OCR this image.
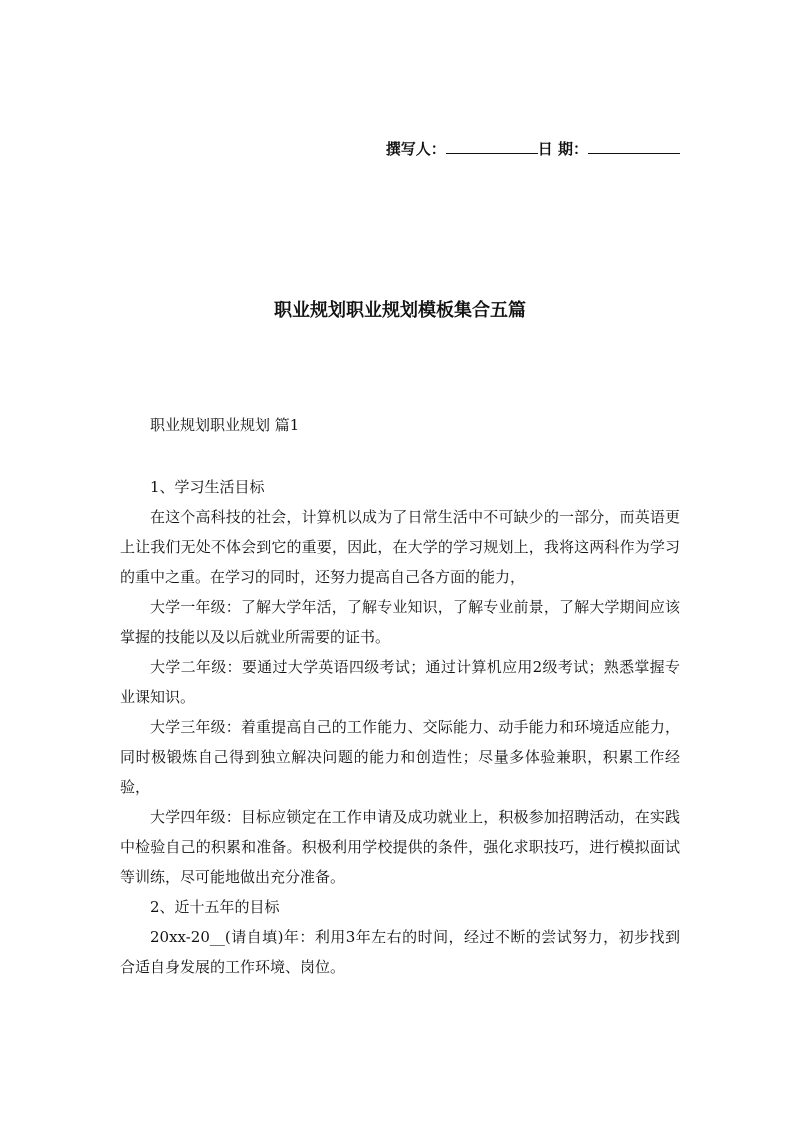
撰写人：	日 期：
职业规划职业规划模板集合五篇

职业规划职业规划 篇1

1、学习生活目标

在这个高科技的社会，计算机以成为了日常生活中不可缺少的一部分，而英语更上让我们无处不体会到它的重要，因此，在大学的学习规划上，我将这两科作为学习的重中之重。在学习的同时，还努力提高自己各方面的能力，

大学一年级：了解大学年活，了解专业知识，了解专业前景，了解大学期间应该掌握的技能以及以后就业所需要的证书。

大学二年级：要通过大学英语四级考试；通过计算机应用2级考试；熟悉掌握专业课知识。

大学三年级：着重提高自己的工作能力、交际能力、动手能力和环境适应能力，同时极锻炼自己得到独立解决问题的能力和创造性；尽量多体验兼职，积累工作经验，

大学四年级：目标应锁定在工作申请及成功就业上，积极参加招聘活动，在实践中检验自己的积累和准备。积极利用学校提供的条件，强化求职技巧，进行模拟面试等训练，尽可能地做出充分准备。

2、近十五年的目标

20xx-20__(请自填)年：利用3年左右的时间，经过不断的尝试努力，初步找到合适自身发展的工作环境、岗位。
